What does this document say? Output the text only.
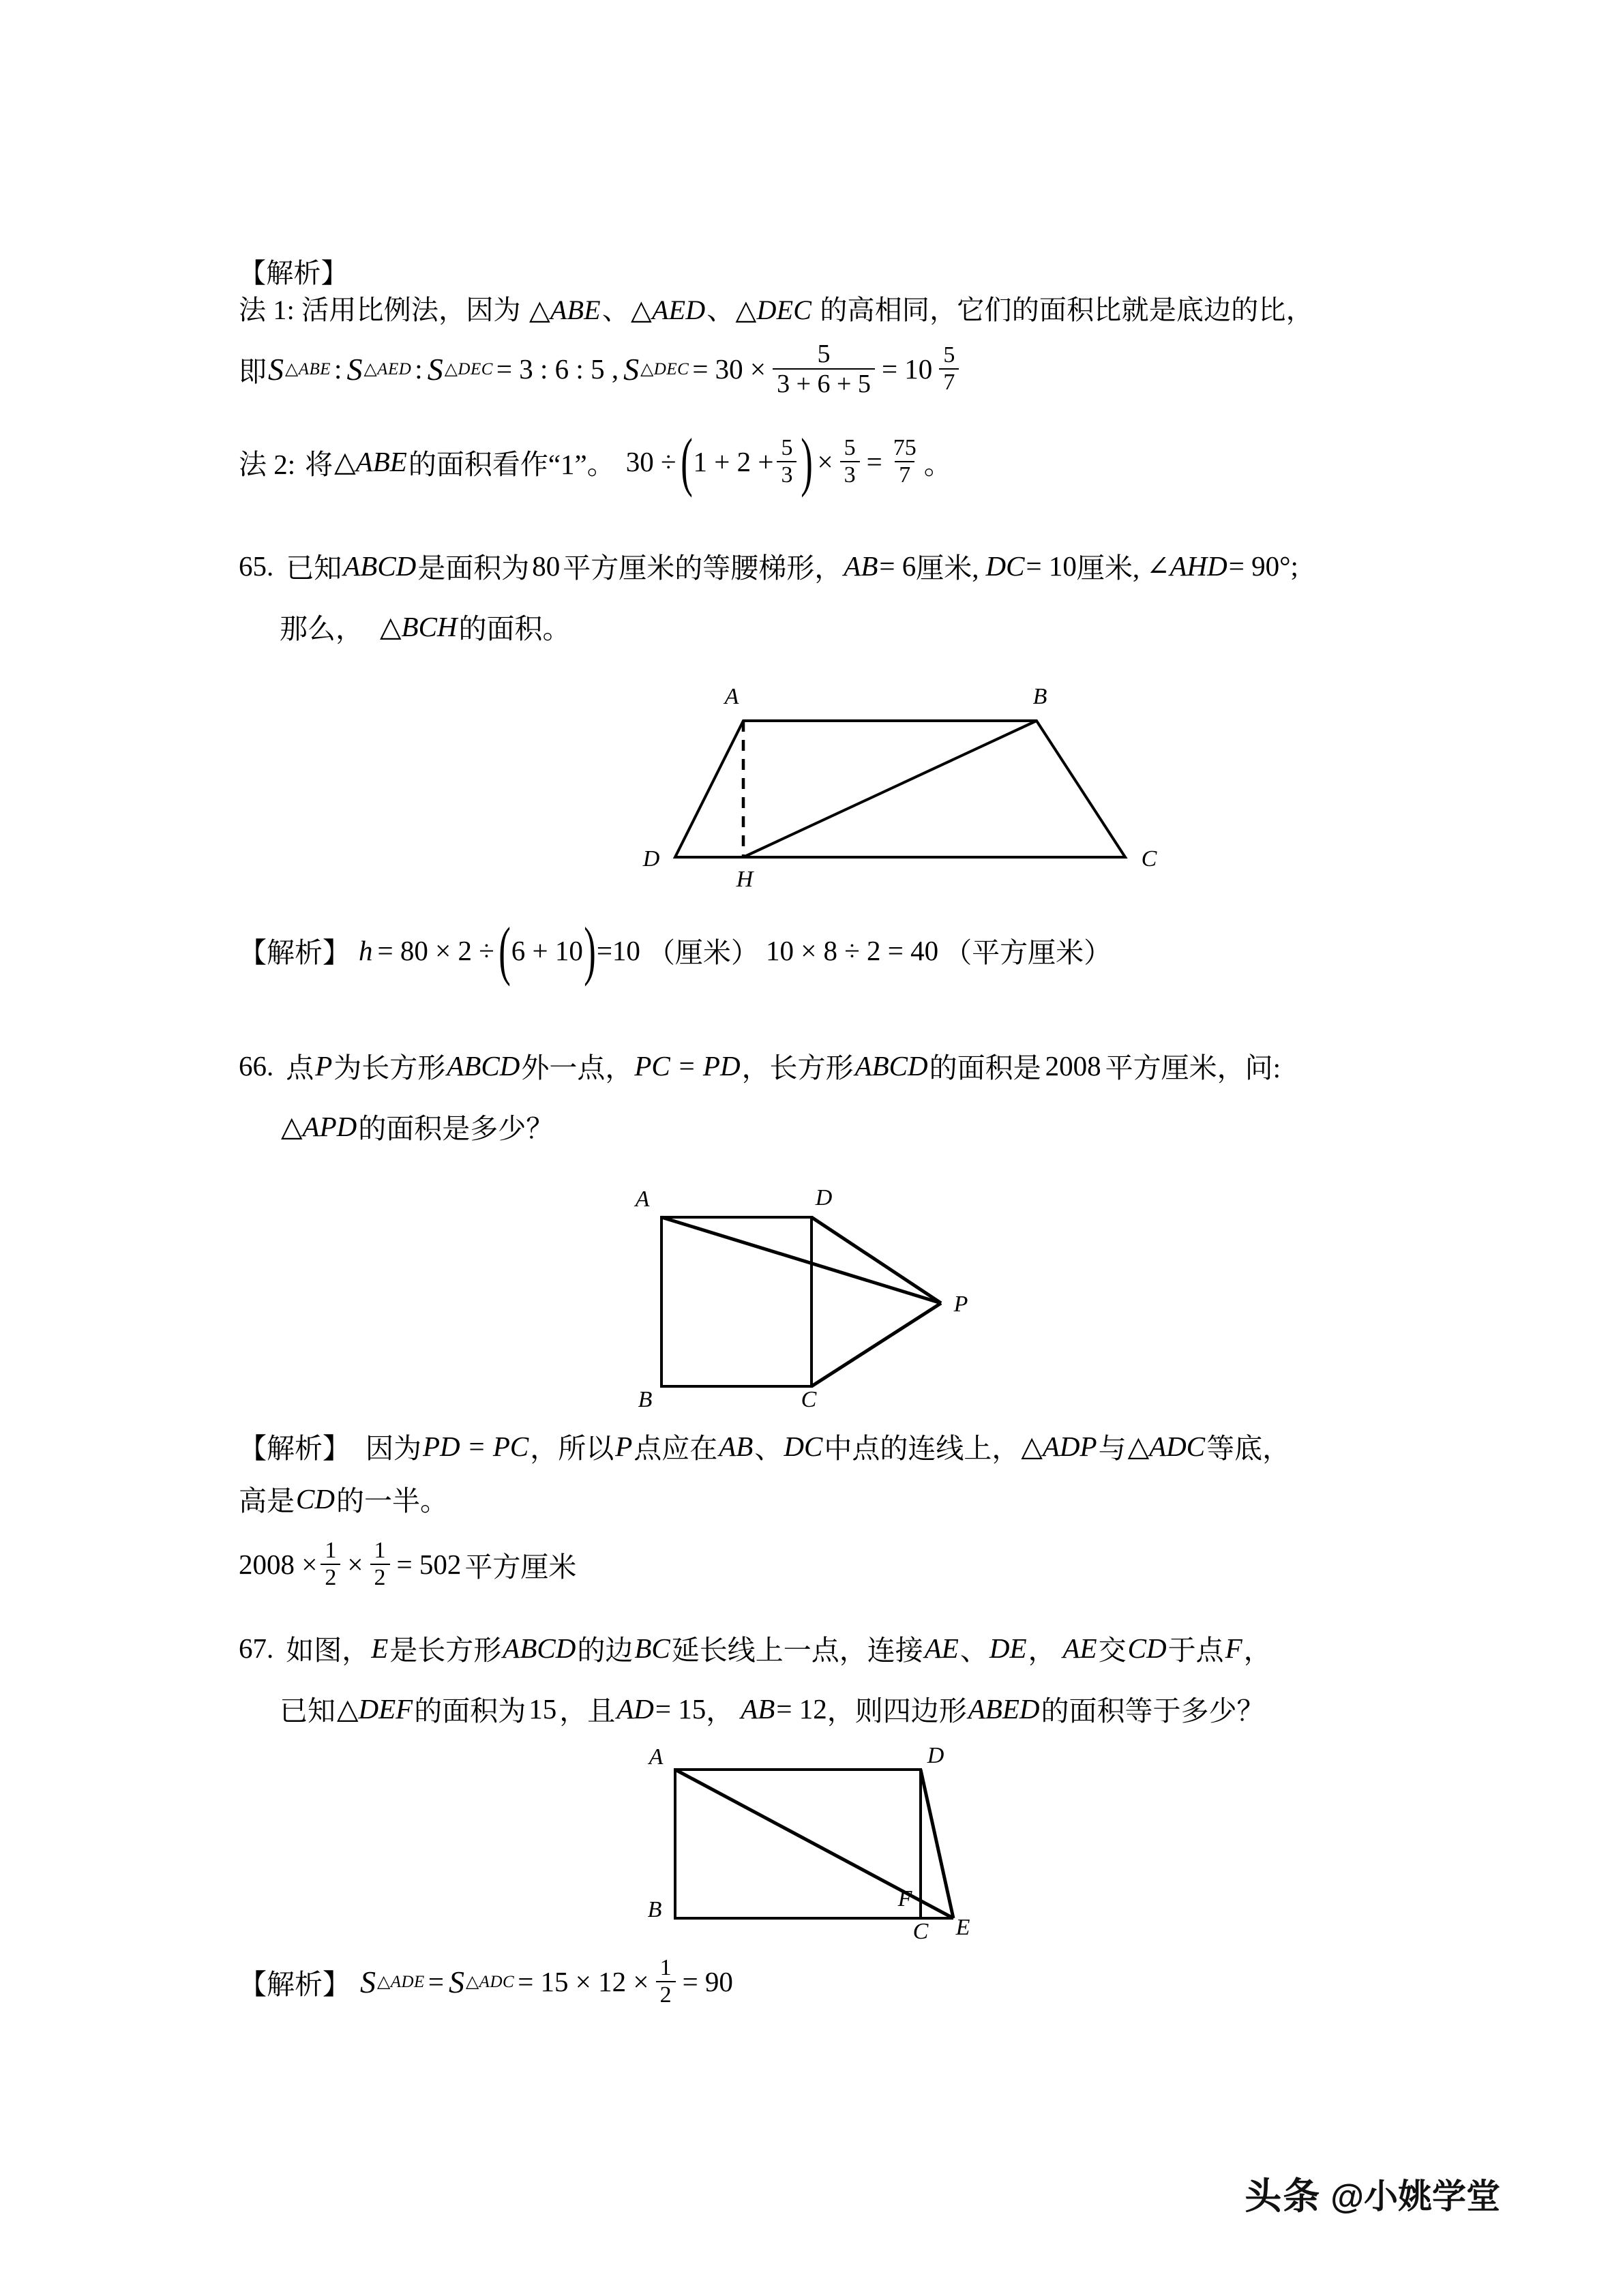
【解析】
法 1: 活用比例法，因为 △ABE、△AED、△DEC 的高相同，它们的面积比就是底边的比，
即 S △ABE : S △AED : S △DEC = 3 : 6 : 5 , S △DEC = $30 \times \frac{5}{3 + 6 + 5} = 10 \frac{5}{7}$
法 2: 将 △ABE 的面积看作“1”。 30 ÷ ( $1 + 2 + \frac{5}{3}$ ) × $\frac{5}{3} = \frac{75}{7}$ 。
65. 已知 ABCD 是面积为 80 平方厘米的等腰梯形， AB = 6 厘米, DC = 10 厘米, ∠AHD = 90° ;
那么， △BCH 的面积。
A	B
D
H
C
【解析】 h = 80 × 2 ÷ ( 6 + 10 ) =10 （厘米） 10 × 8 ÷ 2 = 40 （平方厘米）
66. 点 P 为长方形 ABCD 外一点， PC = PD ，长方形 ABCD 的面积是 2008 平方厘米，问:
△APD 的面积是多少？
A	D
P
B	C
【解析】 因为 PD = PC ，所以 P 点应在 AB 、 DC 中点的连线上， △ADP 与 △ADC 等底，
高是 CD 的一半。
$2008 \times \frac{1}{2} \times \frac{1}{2} = 502$ 平方厘米
67. 如图， E 是长方形 ABCD 的边 BC 延长线上一点，连接 AE 、 DE ， AE 交 CD 于点 F ，
已知 △DEF 的面积为 15 ，且 AD = 15 ， AB = 12 ，则四边形 ABED 的面积等于多少？
A	D
B	F
C E
【解析】 S △ADE = S △ADC = $15 \times 12 \times \frac{1}{2} = 90$
头条 @小姚学堂
